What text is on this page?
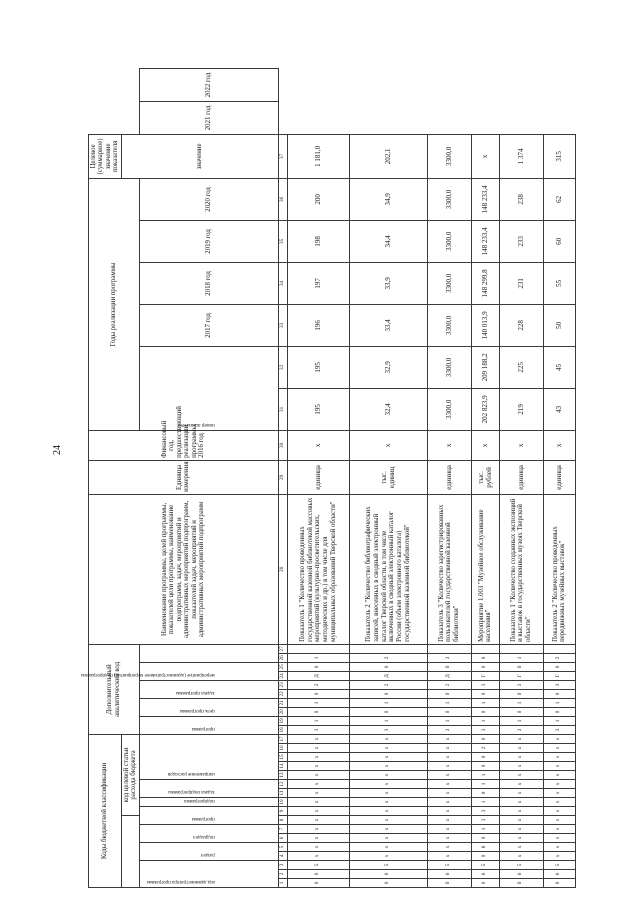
24
Коды бюджетной классификации																	Дополнительный аналитический код										Наименование программы, целей программы, показателей цели программы, наименование подпрограмм, задач, мероприятий и административных мероприятий подпрограмм, показателей задач, мероприятий и административных мероприятий подпрограмм	Единица измерения	Финансовый год, предшествующий реализации программы, 2016 год	Годы реализации программы						Целевое (суммарное) значение показателя		
								код целевой статьи расхода бюджета																												значение		

код администратора программы			раздел		подраздел		программа		подпрограмма	задача подпрограммы		направление расходов					программа		цель программы		задача программы		мероприятие (административное мероприятие) подпрограммы							номер показателя		2017 год	2018 год	2019 год	2020 год		2021 год	2022 год
1	2	3	4	5	6	7	8	9	10	11	12	13	14	15	16	17	18	19	20	21	22	23	24	25	26	27	28	29	30	31	32	33	34	35	36	37		
0	6	5	х	х	х	х	х	х	х	х	х	х	х	х	х	х	3	1	0	1	0	2	Д	0	1		Показатель 1 "Количество проведенных государственной казенной библиотекой массовых мероприятий (культурно-просветительских, методических и др.) в том числе для муниципальных образований Тверской области"	единица	х	195	195	196	197	198	200	1 181,0		
0	6	5	х	х	х	х	х	х	х	х	х	х	х	х	х	х	3	1	0	1	0	2	Д	0	2		Показатель 2 "Количество библиографических записей, внесенных в сводный электронный каталог Тверской области, в том числе включенных в сводный электронный каталог России (объем электронного каталога) государственной казенной библиотекой"	тыс. единиц	х	32,4	32,9	33,4	33,9	34,4	34,9	202,1		
0	6	5	х	х	х	х	х	х	х	х	х	х	х	х	х	х	3	1	0	1	0	2	Д	0	3		Показатель 3 "Количество зарегистрированных пользователей государственной казенной библиотеки"	единица	х	3300,0	3300,0	3300,0	3300,0	3300,0	3300,0	3300,0		
0	6	5	0	8	0	1	3	3	1	0	1	1	0	0	2	0	3	1	0	1	0	3	Г	0	0		Мероприятие 1.003 "Музейное обслуживание населения"	тыс. рублей	х	202 823,9	209 188,2	140 013,9	148 299,8	148 233,4	148 233,4	х		
0	6	5	х	х	х	х	х	х	х	х	х	х	х	х	х	х	3	1	0	1	0	3	Г	0	1		Показатель 1 "Количество созданных экспозиций и выставок в государственных музеях Тверской области"	единица	х	219	225	228	231	233	238	1 374		
0	6	5	х	х	х	х	х	х	х	х	х	х	х	х	х	х	3	1	0	1	0	3	Г	0	2		Показатель 2 "Количество проведенных передвижных музейных выставок"	единица	х	43	45	50	55	60	62	315		
